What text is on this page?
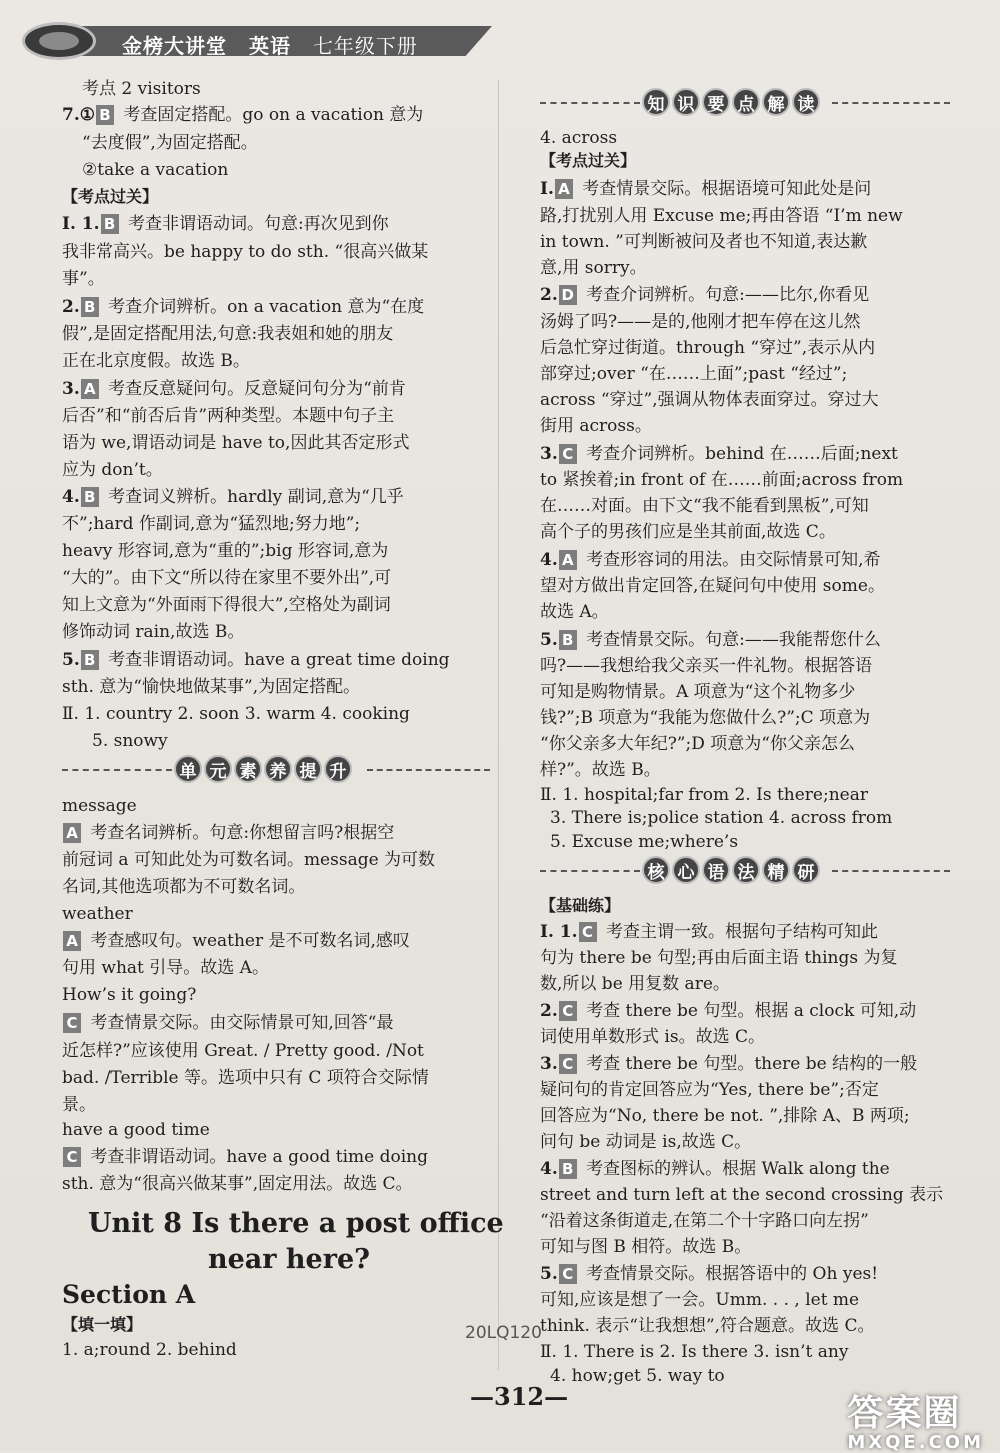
金榜大讲堂 英语 七年级下册
考点 2 visitors
7.① B 考查固定搭配。go on a vacation 意为
“去度假”,为固定搭配。
②take a vacation
【考点过关】
Ⅰ. 1. B 考查非谓语动词。句意:再次见到你
我非常高兴。be happy to do sth. “很高兴做某
事”。
2. B 考查介词辨析。on a vacation 意为“在度
假”,是固定搭配用法,句意:我表姐和她的朋友
正在北京度假。故选 B。
3. A 考查反意疑问句。反意疑问句分为“前肯
后否”和“前否后肯”两种类型。本题中句子主
语为 we,谓语动词是 have to,因此其否定形式
应为 don’t。
4. B 考查词义辨析。hardly 副词,意为“几乎
不”;hard 作副词,意为“猛烈地;努力地”;
heavy 形容词,意为“重的”;big 形容词,意为
“大的”。由下文“所以待在家里不要外出”,可
知上文意为“外面雨下得很大”,空格处为副词
修饰动词 rain,故选 B。
5. B 考查非谓语动词。have a great time doing
sth. 意为“愉快地做某事”,为固定搭配。
Ⅱ. 1. country 2. soon 3. warm 4. cooking
5. snowy
单 元 素 养 提 升
message
A 考查名词辨析。句意:你想留言吗?根据空
前冠词 a 可知此处为可数名词。message 为可数
名词,其他选项都为不可数名词。
weather
A 考查感叹句。weather 是不可数名词,感叹
句用 what 引导。故选 A。
How’s it going?
C 考查情景交际。由交际情景可知,回答“最
近怎样?”应该使用 Great. / Pretty good. /Not
bad. /Terrible 等。选项中只有 C 项符合交际情
景。
have a good time
C 考查非谓语动词。have a good time doing
sth. 意为“很高兴做某事”,固定用法。故选 C。
Unit 8 Is there a post office
near here?
Section A
【填一填】
1. a;round 2. behind
知 识 要 点 解 读
4. across
【考点过关】
Ⅰ. A 考查情景交际。根据语境可知此处是问
路,打扰别人用 Excuse me;再由答语 “I’m new
in town. ”可判断被问及者也不知道,表达歉
意,用 sorry。
2. D 考查介词辨析。句意:——比尔,你看见
汤姆了吗?——是的,他刚才把车停在这儿然
后急忙穿过街道。through “穿过”,表示从内
部穿过;over “在……上面”;past “经过”;
across “穿过”,强调从物体表面穿过。穿过大
街用 across。
3. C 考查介词辨析。behind 在……后面;next
to 紧挨着;in front of 在……前面;across from
在……对面。由下文“我不能看到黑板”,可知
高个子的男孩们应是坐其前面,故选 C。
4. A 考查形容词的用法。由交际情景可知,希
望对方做出肯定回答,在疑问句中使用 some。
故选 A。
5. B 考查情景交际。句意:——我能帮您什么
吗?——我想给我父亲买一件礼物。根据答语
可知是购物情景。A 项意为“这个礼物多少
钱?”;B 项意为“我能为您做什么?”;C 项意为
“你父亲多大年纪?”;D 项意为“你父亲怎么
样?”。故选 B。
Ⅱ. 1. hospital;far from 2. Is there;near
3. There is;police station 4. across from
5. Excuse me;where’s
核 心 语 法 精 研
【基础练】
Ⅰ. 1. C 考查主谓一致。根据句子结构可知此
句为 there be 句型;再由后面主语 things 为复
数,所以 be 用复数 are。
2. C 考查 there be 句型。根据 a clock 可知,动
词使用单数形式 is。故选 C。
3. C 考查 there be 句型。there be 结构的一般
疑问句的肯定回答应为“Yes, there be”;否定
回答应为“No, there be not. ”,排除 A、B 两项;
问句 be 动词是 is,故选 C。
4. B 考查图标的辨认。根据 Walk along the
street and turn left at the second crossing 表示
“沿着这条街道走,在第二个十字路口向左拐”
可知与图 B 相符。故选 B。
5. C 考查情景交际。根据答语中的 Oh yes!
可知,应该是想了一会。Umm. . . , let me
think. 表示“让我想想”,符合题意。故选 C。
Ⅱ. 1. There is 2. Is there 3. isn’t any
4. how;get 5. way to
20LQ120
—312—	答案圈
MXQE.COM
